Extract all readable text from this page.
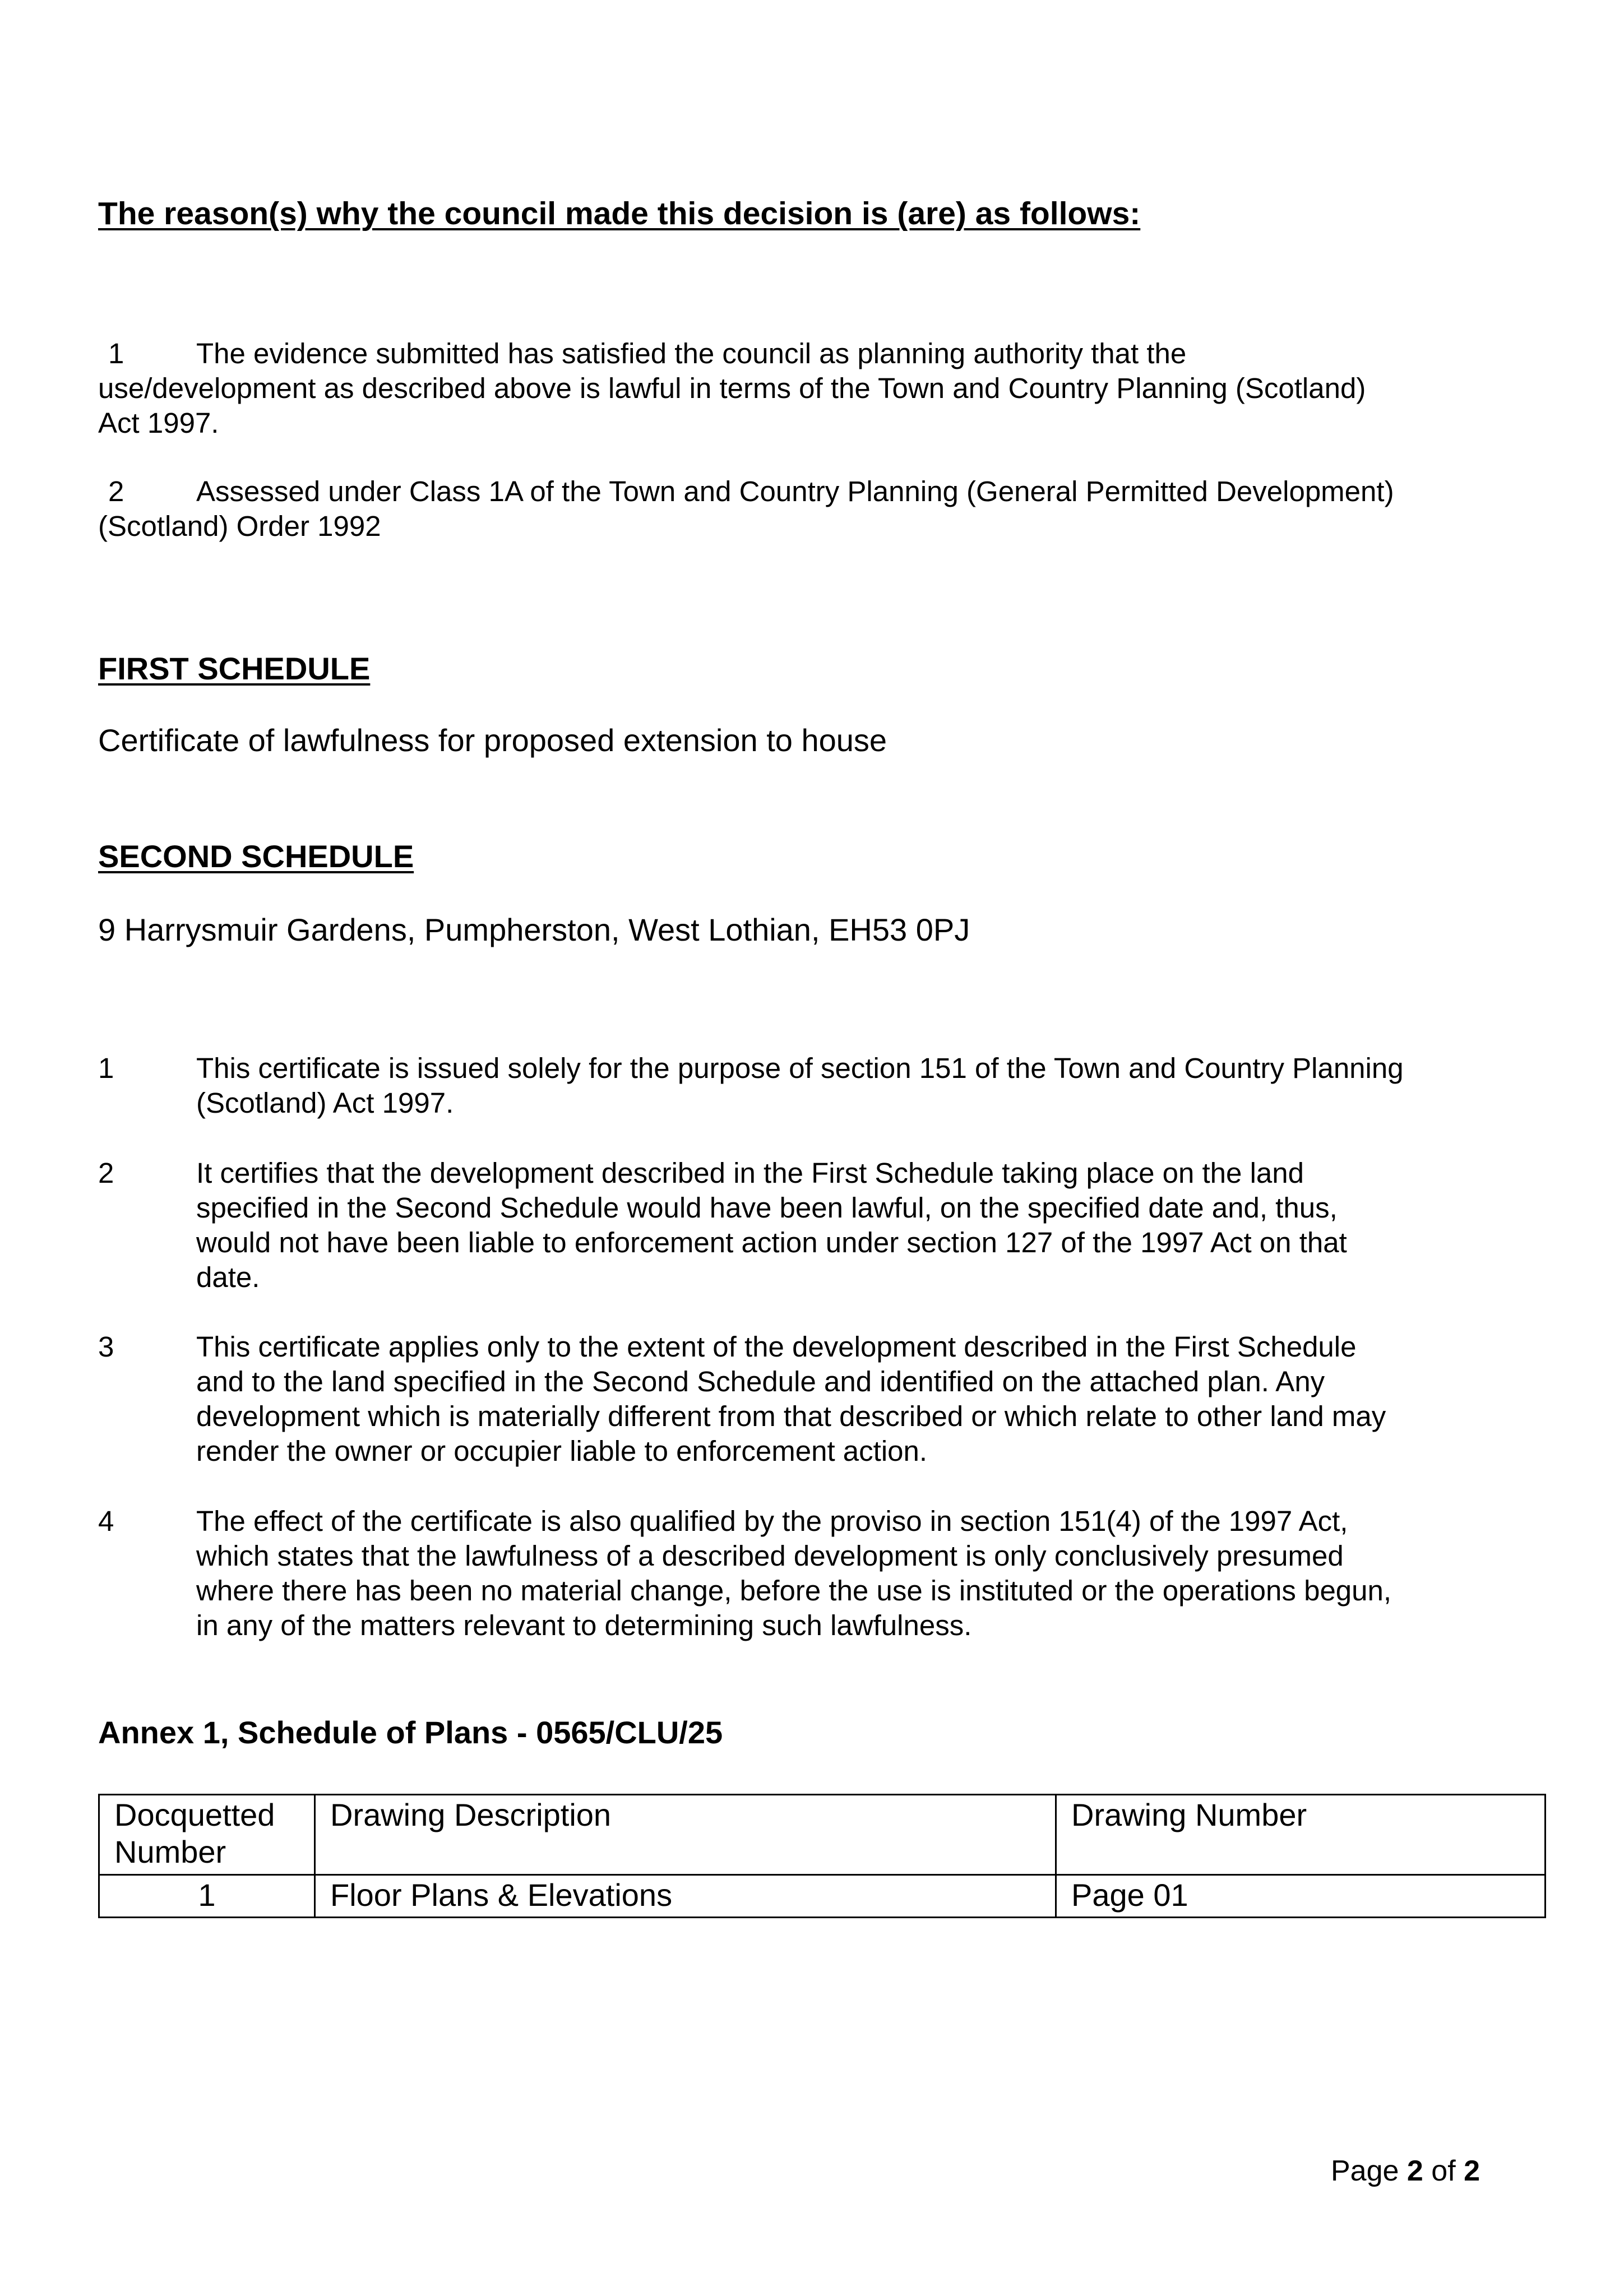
The reason(s) why the council made this decision is (are) as follows:
1	The evidence submitted has satisfied the council as planning authority that the
use/development as described above is lawful in terms of the Town and Country Planning (Scotland)
Act 1997.
2	Assessed under Class 1A of the Town and Country Planning (General Permitted Development)
(Scotland) Order 1992
FIRST SCHEDULE
Certificate of lawfulness for proposed extension to house
SECOND SCHEDULE
9 Harrysmuir Gardens, Pumpherston, West Lothian, EH53 0PJ
1	This certificate is issued solely for the purpose of section 151 of the Town and Country Planning
(Scotland) Act 1997.
2	It certifies that the development described in the First Schedule taking place on the land
specified in the Second Schedule would have been lawful, on the specified date and, thus,
would not have been liable to enforcement action under section 127 of the 1997 Act on that
date.
3	This certificate applies only to the extent of the development described in the First Schedule
and to the land specified in the Second Schedule and identified on the attached plan. Any
development which is materially different from that described or which relate to other land may
render the owner or occupier liable to enforcement action.
4	The effect of the certificate is also qualified by the proviso in section 151(4) of the 1997 Act,
which states that the lawfulness of a described development is only conclusively presumed
where there has been no material change, before the use is instituted or the operations begun,
in any of the matters relevant to determining such lawfulness.
Annex 1, Schedule of Plans - 0565/CLU/25
Docquetted
Number	Drawing Description	Drawing Number
1	Floor Plans & Elevations	Page 01
Page 2 of 2
